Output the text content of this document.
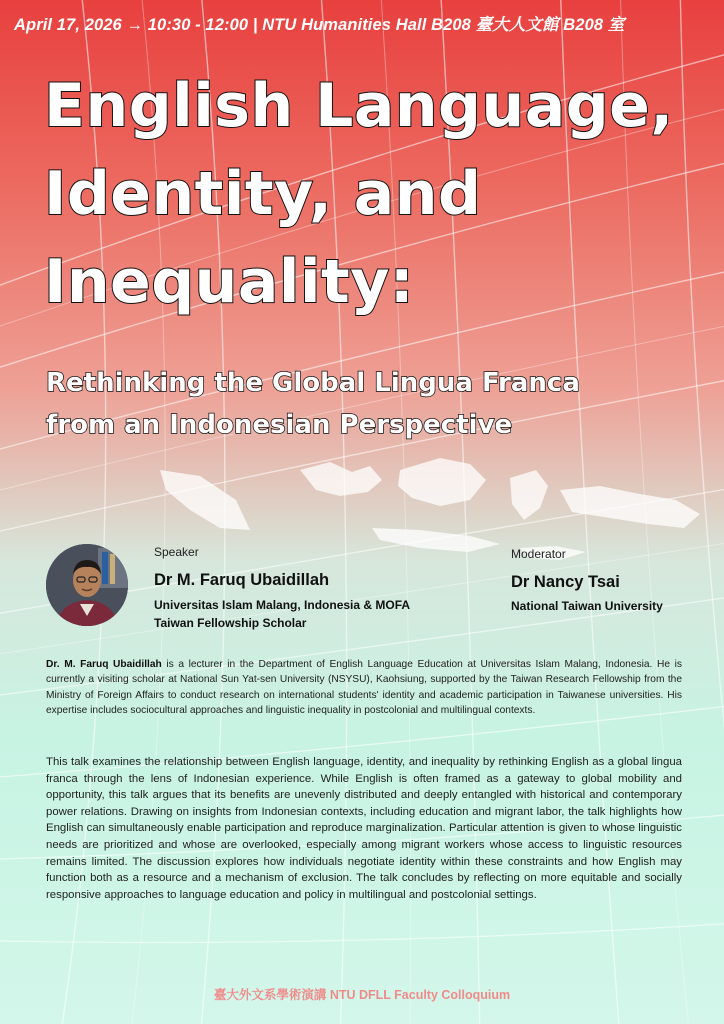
April 17, 2026 → 10:30 - 12:00 | NTU Humanities Hall B208 臺大人文館 B208 室
English Language,
Identity, and
Inequality:
Rethinking the Global Lingua Franca
from an Indonesian Perspective
Speaker
Dr M. Faruq Ubaidillah
Universitas Islam Malang, Indonesia & MOFA
Taiwan Fellowship Scholar
Moderator
Dr Nancy Tsai
National Taiwan University
Dr. M. Faruq Ubaidillah is a lecturer in the Department of English Language Education at Universitas Islam Malang, Indonesia. He is currently a visiting scholar at National Sun Yat-sen University (NSYSU), Kaohsiung, supported by the Taiwan Research Fellowship from the Ministry of Foreign Affairs to conduct research on international students' identity and academic participation in Taiwanese universities. His expertise includes sociocultural approaches and linguistic inequality in postcolonial and multilingual contexts.
This talk examines the relationship between English language, identity, and inequality by rethinking English as a global lingua franca through the lens of Indonesian experience. While English is often framed as a gateway to global mobility and opportunity, this talk argues that its benefits are unevenly distributed and deeply entangled with historical and contemporary power relations. Drawing on insights from Indonesian contexts, including education and migrant labor, the talk highlights how English can simultaneously enable participation and reproduce marginalization. Particular attention is given to whose linguistic needs are prioritized and whose are overlooked, especially among migrant workers whose access to linguistic resources remains limited. The discussion explores how individuals negotiate identity within these constraints and how English may function both as a resource and a mechanism of exclusion. The talk concludes by reflecting on more equitable and socially responsive approaches to language education and policy in multilingual and postcolonial settings.
臺大外文系學術演講 NTU DFLL Faculty Colloquium
